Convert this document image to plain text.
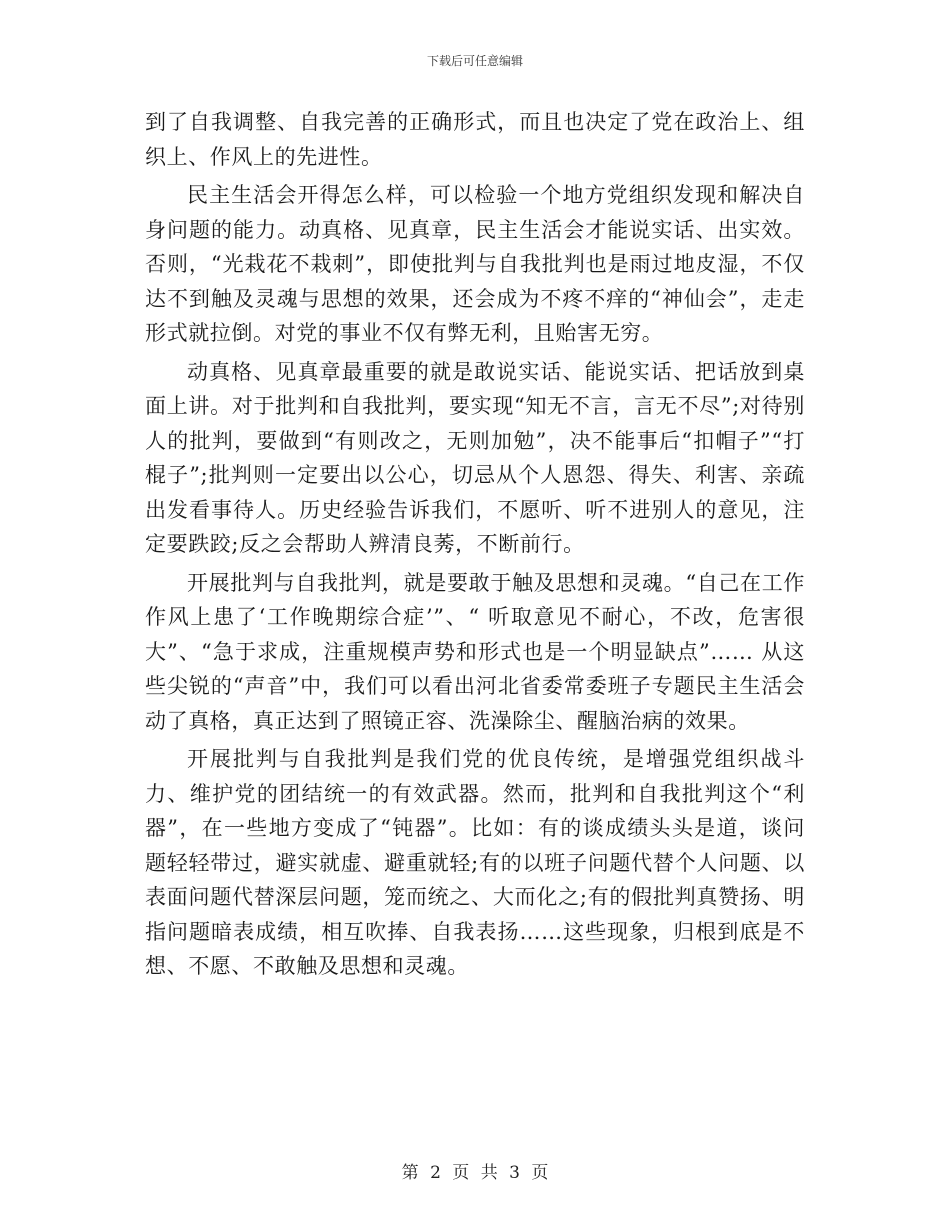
下载后可任意编辑

到了自我调整、自我完善的正确形式，而且也决定了党在政治上、组织上、作风上的先进性。

民主生活会开得怎么样，可以检验一个地方党组织发现和解决自身问题的能力。动真格、见真章，民主生活会才能说实话、出实效。否则，“光栽花不栽刺”，即使批判与自我批判也是雨过地皮湿，不仅达不到触及灵魂与思想的效果，还会成为不疼不痒的“神仙会”，走走形式就拉倒。对党的事业不仅有弊无利，且贻害无穷。

动真格、见真章最重要的就是敢说实话、能说实话、把话放到桌面上讲。对于批判和自我批判，要实现“知无不言，言无不尽”;对待别人的批判，要做到“有则改之，无则加勉”，决不能事后“扣帽子”“打棍子”;批判则一定要出以公心，切忌从个人恩怨、得失、利害、亲疏出发看事待人。历史经验告诉我们，不愿听、听不进别人的意见，注定要跌跤;反之会帮助人辨清良莠，不断前行。

开展批判与自我批判，就是要敢于触及思想和灵魂。“自己在工作作风上患了‘工作晚期综合症’”、“ 听取意见不耐心，不改，危害很大”、“急于求成，注重规模声势和形式也是一个明显缺点”…… 从这些尖锐的“声音”中，我们可以看出河北省委常委班子专题民主生活会动了真格，真正达到了照镜正容、洗澡除尘、醒脑治病的效果。

开展批判与自我批判是我们党的优良传统，是增强党组织战斗力、维护党的团结统一的有效武器。然而，批判和自我批判这个“利器”，在一些地方变成了“钝器”。比如：有的谈成绩头头是道，谈问题轻轻带过，避实就虚、避重就轻;有的以班子问题代替个人问题、以表面问题代替深层问题，笼而统之、大而化之;有的假批判真赞扬、明指问题暗表成绩，相互吹捧、自我表扬……这些现象，归根到底是不想、不愿、不敢触及思想和灵魂。

第 2 页 共 3 页
